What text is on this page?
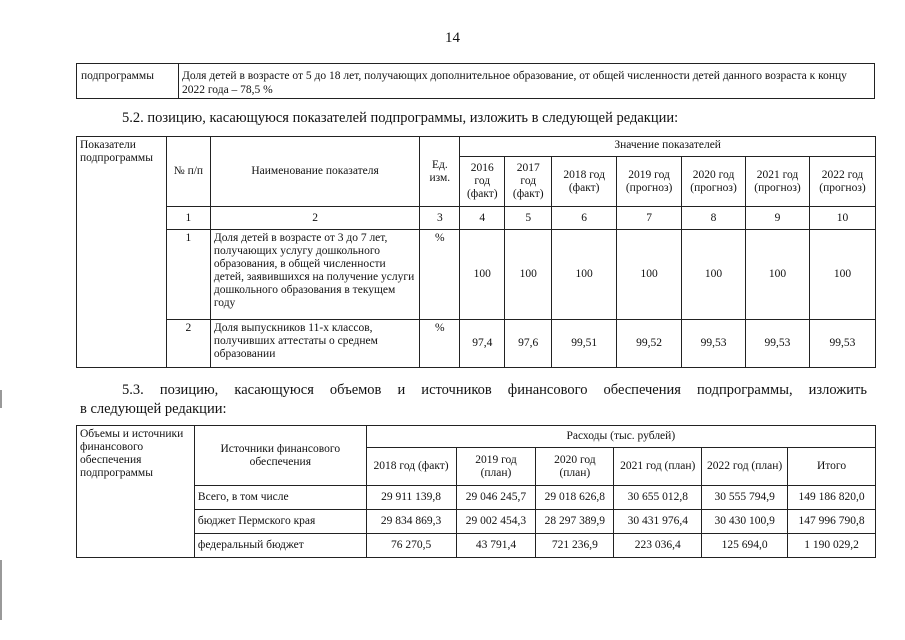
14
подпрограммы Доля детей в возрасте от 5 до 18 лет, получающих дополнительное образование, от общей численности детей данного возраста к концу 2022 года – 78,5 %
5.2. позицию, касающуюся показателей подпрограммы, изложить в следующей редакции:
Показатели подпрограммы	№ п/п	Наименование показателя	Ед. изм.	Значение показателей						
				2016 год (факт)	2017 год (факт)	2018 год (факт)	2019 год (прогноз)	2020 год (прогноз)	2021 год (прогноз)	2022 год (прогноз)
	1	2	3	4	5	6	7	8	9	10
	1	Доля детей в возрасте от 3 до 7 лет, получающих услугу дошкольного образования, в общей численности детей, заявившихся на получение услуги дошкольного образования в текущем году	%	100	100	100	100	100	100	100
	2	Доля выпускников 11-х классов, получивших аттестаты о среднем образовании	%	97,4	97,6	99,51	99,52	99,53	99,53	99,53
5.3. позицию, касающуюся объемов и источников финансового обеспечения подпрограммы, изложить
в следующей редакции:
Объемы и источники финансового обеспечения подпрограммы	Источники финансового обеспечения	Расходы (тыс. рублей)					
		2018 год (факт)	2019 год (план)	2020 год (план)	2021 год (план)	2022 год (план)	Итого
	Всего, в том числе	29 911 139,8	29 046 245,7	29 018 626,8	30 655 012,8	30 555 794,9	149 186 820,0
	бюджет Пермского края	29 834 869,3	29 002 454,3	28 297 389,9	30 431 976,4	30 430 100,9	147 996 790,8
	федеральный бюджет	76 270,5	43 791,4	721 236,9	223 036,4	125 694,0	1 190 029,2
